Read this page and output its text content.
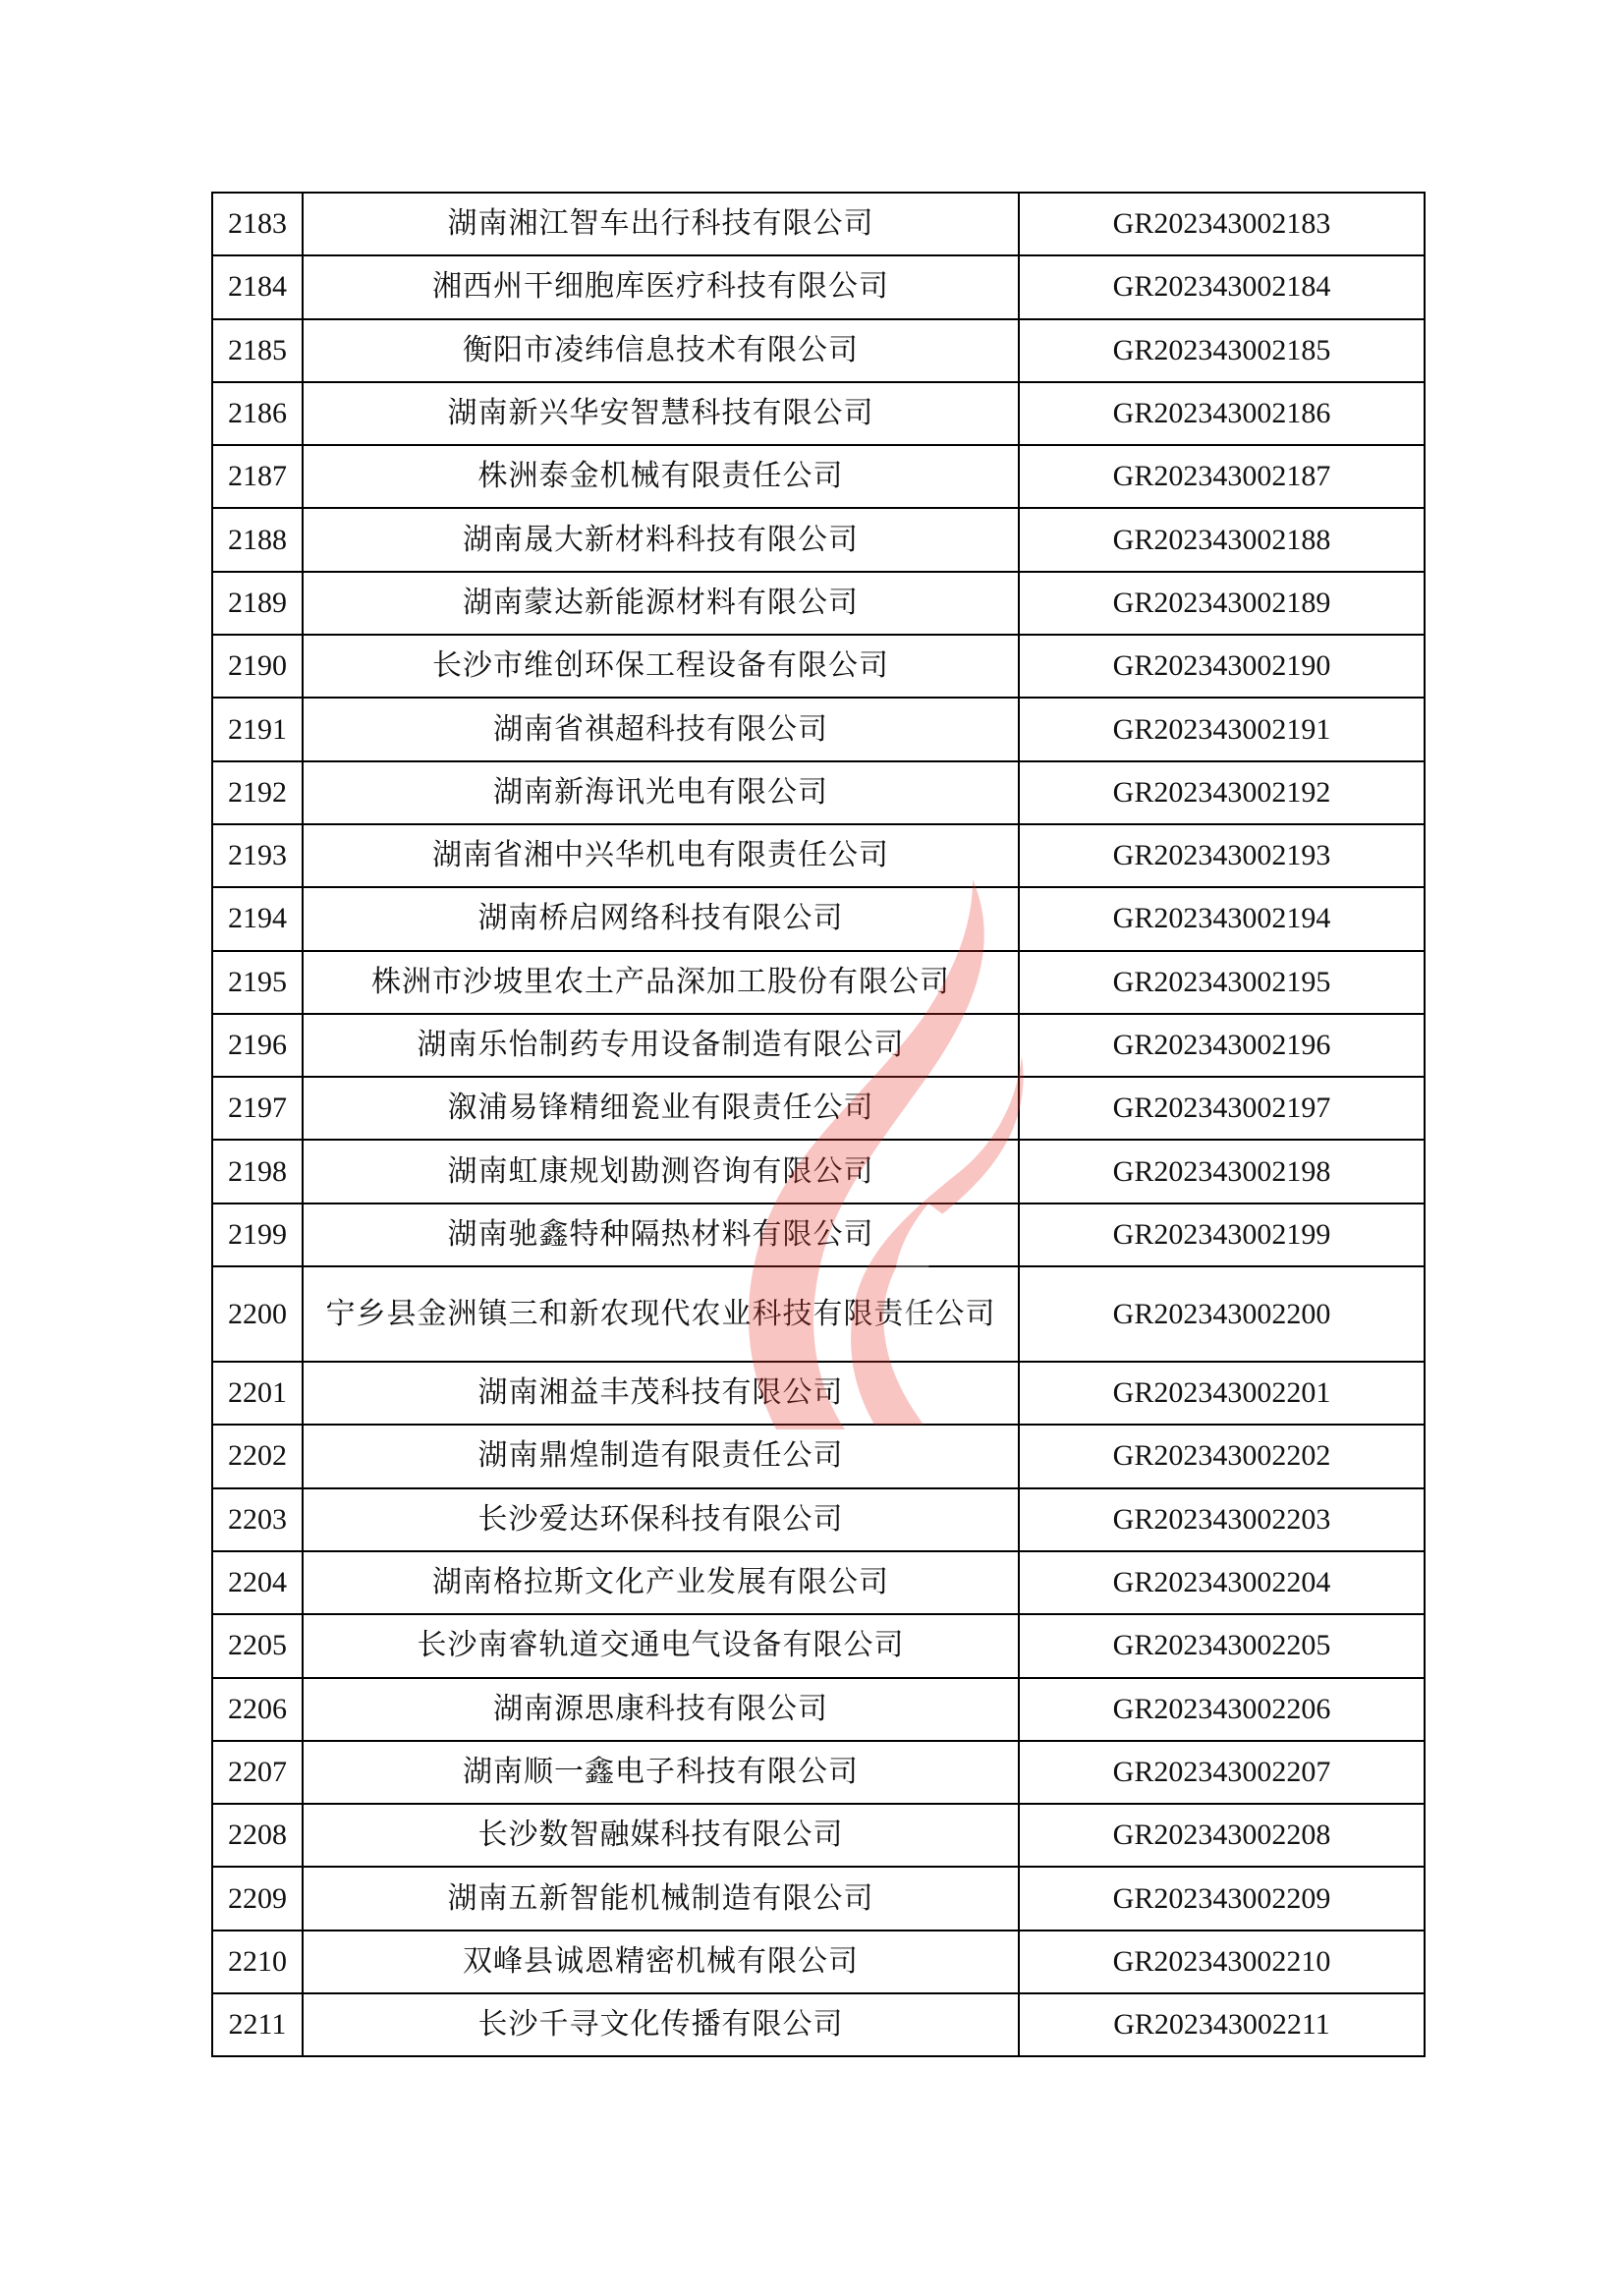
2183	湖南湘江智车出行科技有限公司	GR202343002183
2184	湘西州干细胞库医疗科技有限公司	GR202343002184
2185	衡阳市凌纬信息技术有限公司	GR202343002185
2186	湖南新兴华安智慧科技有限公司	GR202343002186
2187	株洲泰金机械有限责任公司	GR202343002187
2188	湖南晟大新材料科技有限公司	GR202343002188
2189	湖南蒙达新能源材料有限公司	GR202343002189
2190	长沙市维创环保工程设备有限公司	GR202343002190
2191	湖南省祺超科技有限公司	GR202343002191
2192	湖南新海讯光电有限公司	GR202343002192
2193	湖南省湘中兴华机电有限责任公司	GR202343002193
2194	湖南桥启网络科技有限公司	GR202343002194
2195	株洲市沙坡里农土产品深加工股份有限公司	GR202343002195
2196	湖南乐怡制药专用设备制造有限公司	GR202343002196
2197	溆浦易锋精细瓷业有限责任公司	GR202343002197
2198	湖南虹康规划勘测咨询有限公司	GR202343002198
2199	湖南驰鑫特种隔热材料有限公司	GR202343002199
2200	宁乡县金洲镇三和新农现代农业科技有限责任公司	GR202343002200
2201	湖南湘益丰茂科技有限公司	GR202343002201
2202	湖南鼎煌制造有限责任公司	GR202343002202
2203	长沙爱达环保科技有限公司	GR202343002203
2204	湖南格拉斯文化产业发展有限公司	GR202343002204
2205	长沙南睿轨道交通电气设备有限公司	GR202343002205
2206	湖南源思康科技有限公司	GR202343002206
2207	湖南顺一鑫电子科技有限公司	GR202343002207
2208	长沙数智融媒科技有限公司	GR202343002208
2209	湖南五新智能机械制造有限公司	GR202343002209
2210	双峰县诚恩精密机械有限公司	GR202343002210
2211	长沙千寻文化传播有限公司	GR202343002211
